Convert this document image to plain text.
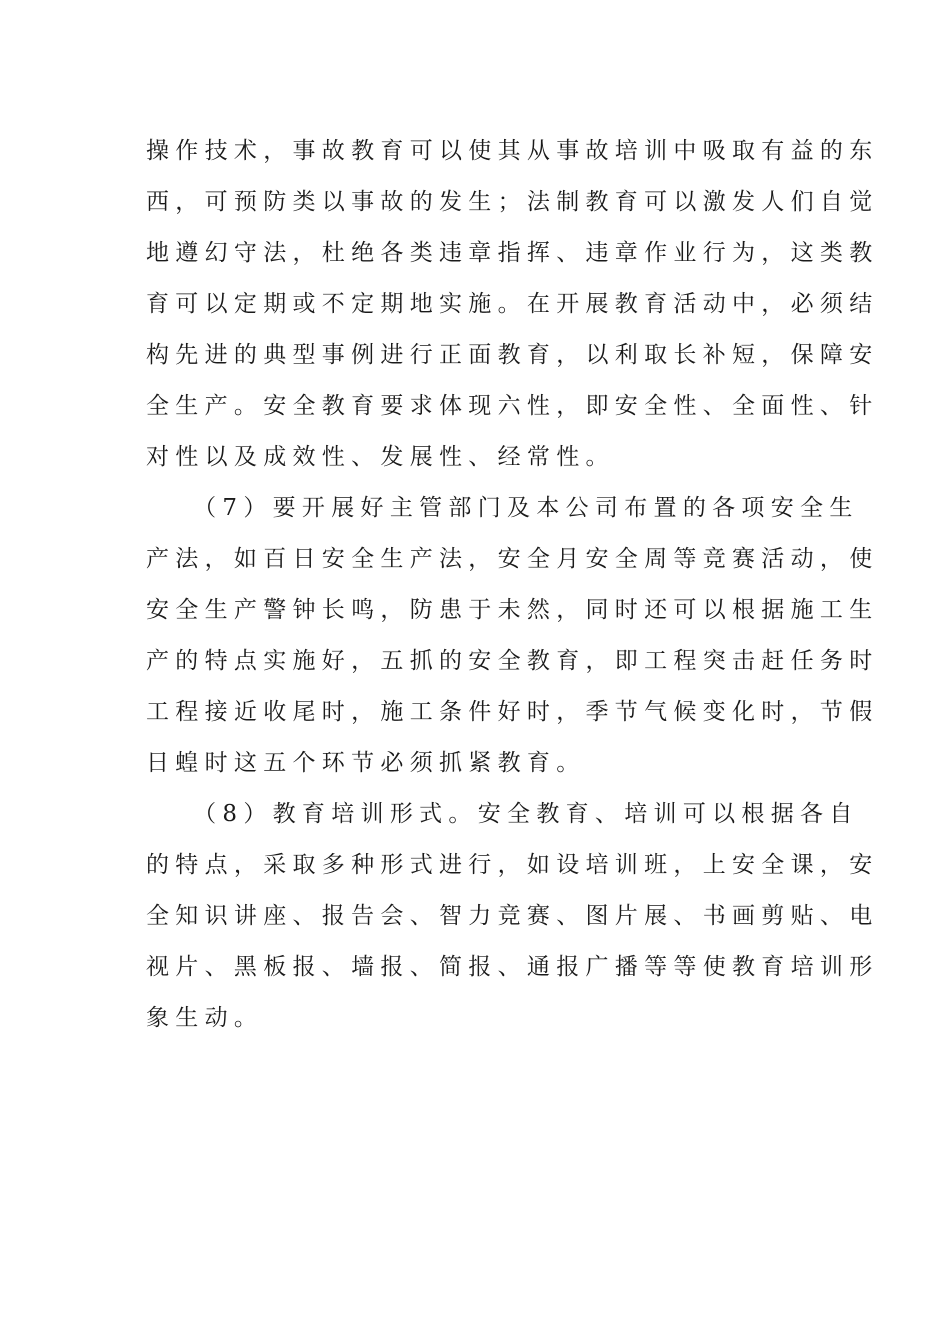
操作技术，事故教育可以使其从事故培训中吸取有益的东
西，可预防类以事故的发生；法制教育可以激发人们自觉
地遵幻守法，杜绝各类违章指挥、违章作业行为，这类教
育可以定期或不定期地实施。在开展教育活动中，必须结
构先进的典型事例进行正面教育，以利取长补短，保障安
全生产。安全教育要求体现六性，即安全性、全面性、针
对性以及成效性、发展性、经常性。
　　（7）要开展好主管部门及本公司布置的各项安全生
产法，如百日安全生产法，安全月安全周等竞赛活动，使
安全生产警钟长鸣，防患于未然，同时还可以根据施工生
产的特点实施好，五抓的安全教育，即工程突击赶任务时
工程接近收尾时，施工条件好时，季节气候变化时，节假
日蝗时这五个环节必须抓紧教育。
　　（8）教育培训形式。安全教育、培训可以根据各自
的特点，采取多种形式进行，如设培训班，上安全课，安
全知识讲座、报告会、智力竞赛、图片展、书画剪贴、电
视片、黑板报、墙报、简报、通报广播等等使教育培训形
象生动。
